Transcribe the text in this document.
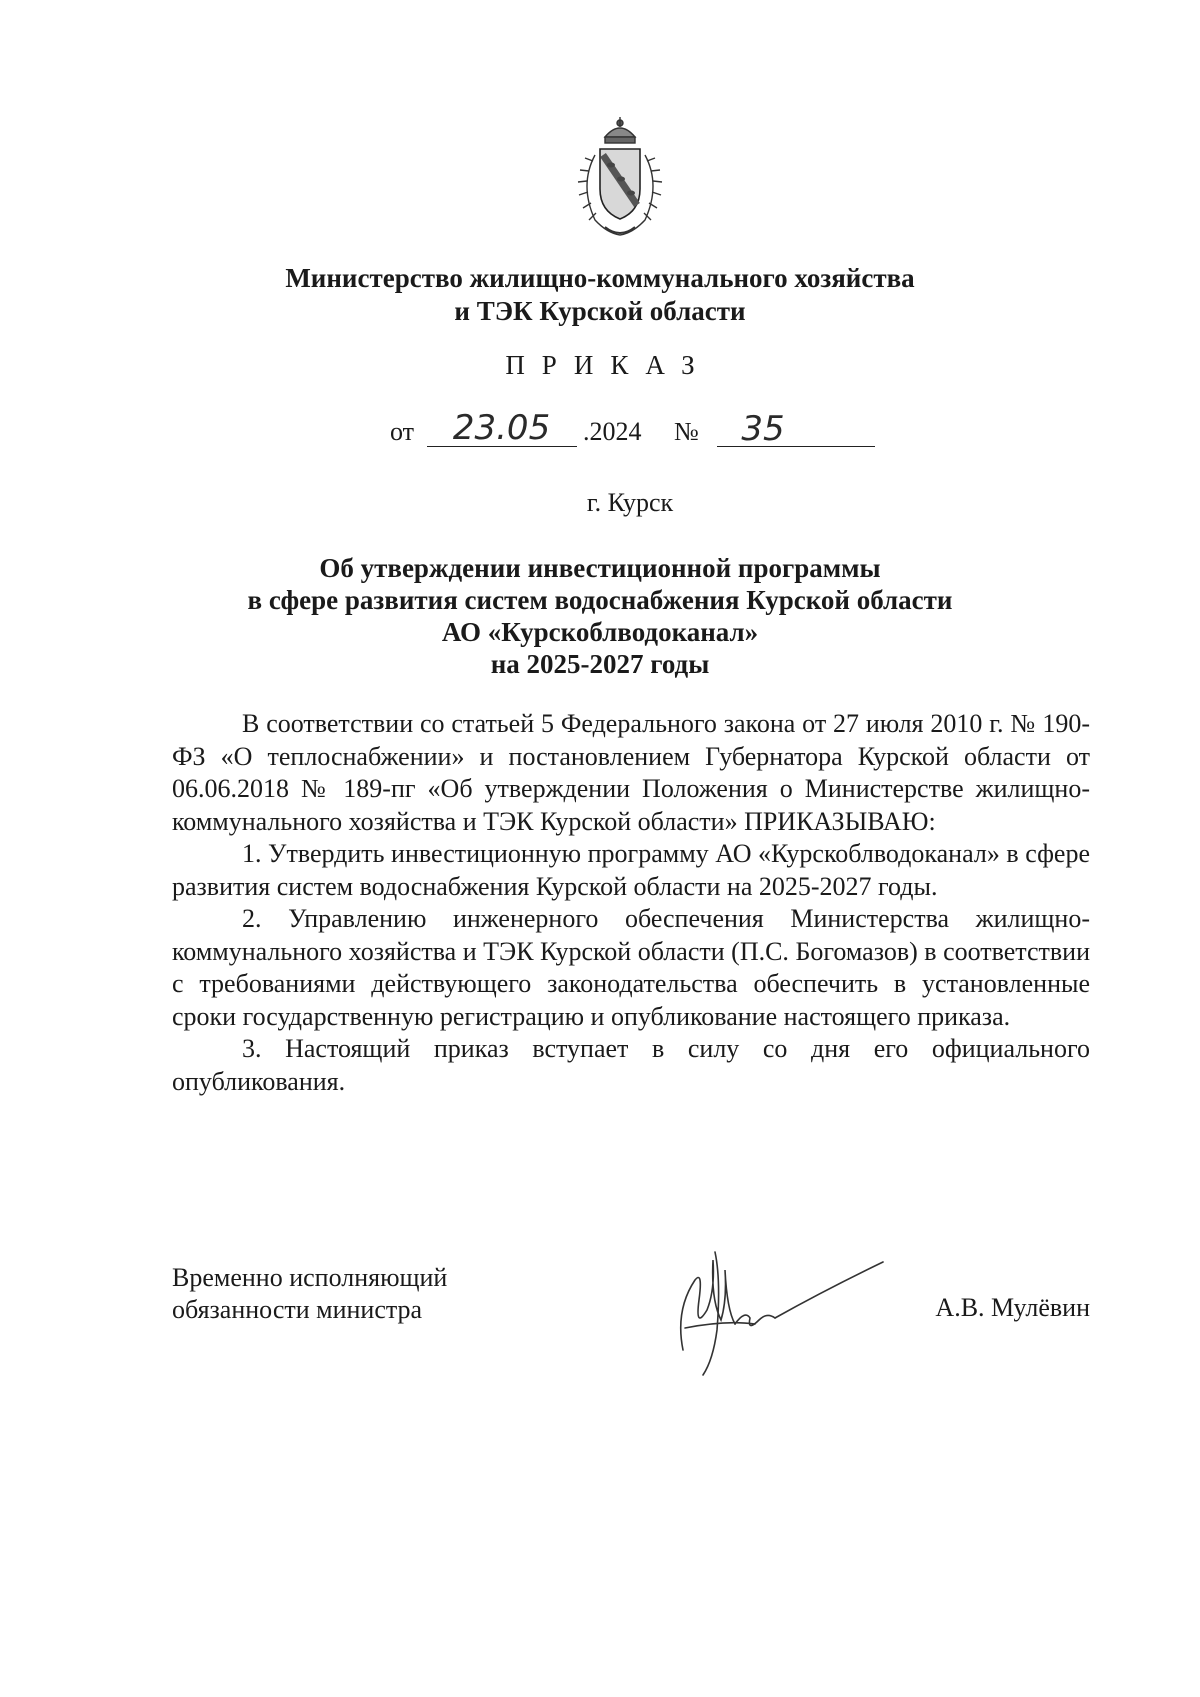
Министерство жилищно-коммунального хозяйства
и ТЭК Курской области
ПРИКАЗ
от 23.05 .2024 № 35
г. Курск
Об утверждении инвестиционной программы
в сфере развития систем водоснабжения Курской области
АО «Курскоблводоканал»
на 2025-2027 годы

В соответствии со статьей 5 Федерального закона от 27 июля 2010 г. № 190-ФЗ «О теплоснабжении» и постановлением Губернатора Курской области от 06.06.2018 № 189-пг «Об утверждении Положения о Министерстве жилищно-коммунального хозяйства и ТЭК Курской области» ПРИКАЗЫВАЮ:

1. Утвердить инвестиционную программу АО «Курскоблводоканал» в сфере развития систем водоснабжения Курской области на 2025-2027 годы.

2. Управлению инженерного обеспечения Министерства жилищно-коммунального хозяйства и ТЭК Курской области (П.С. Богомазов) в соответствии с требованиями действующего законодательства обеспечить в установленные сроки государственную регистрацию и опубликование настоящего приказа.

3. Настоящий приказ вступает в силу со дня его официального опубликования.

Временно исполняющий
обязанности министра	А.В. Мулёвин
